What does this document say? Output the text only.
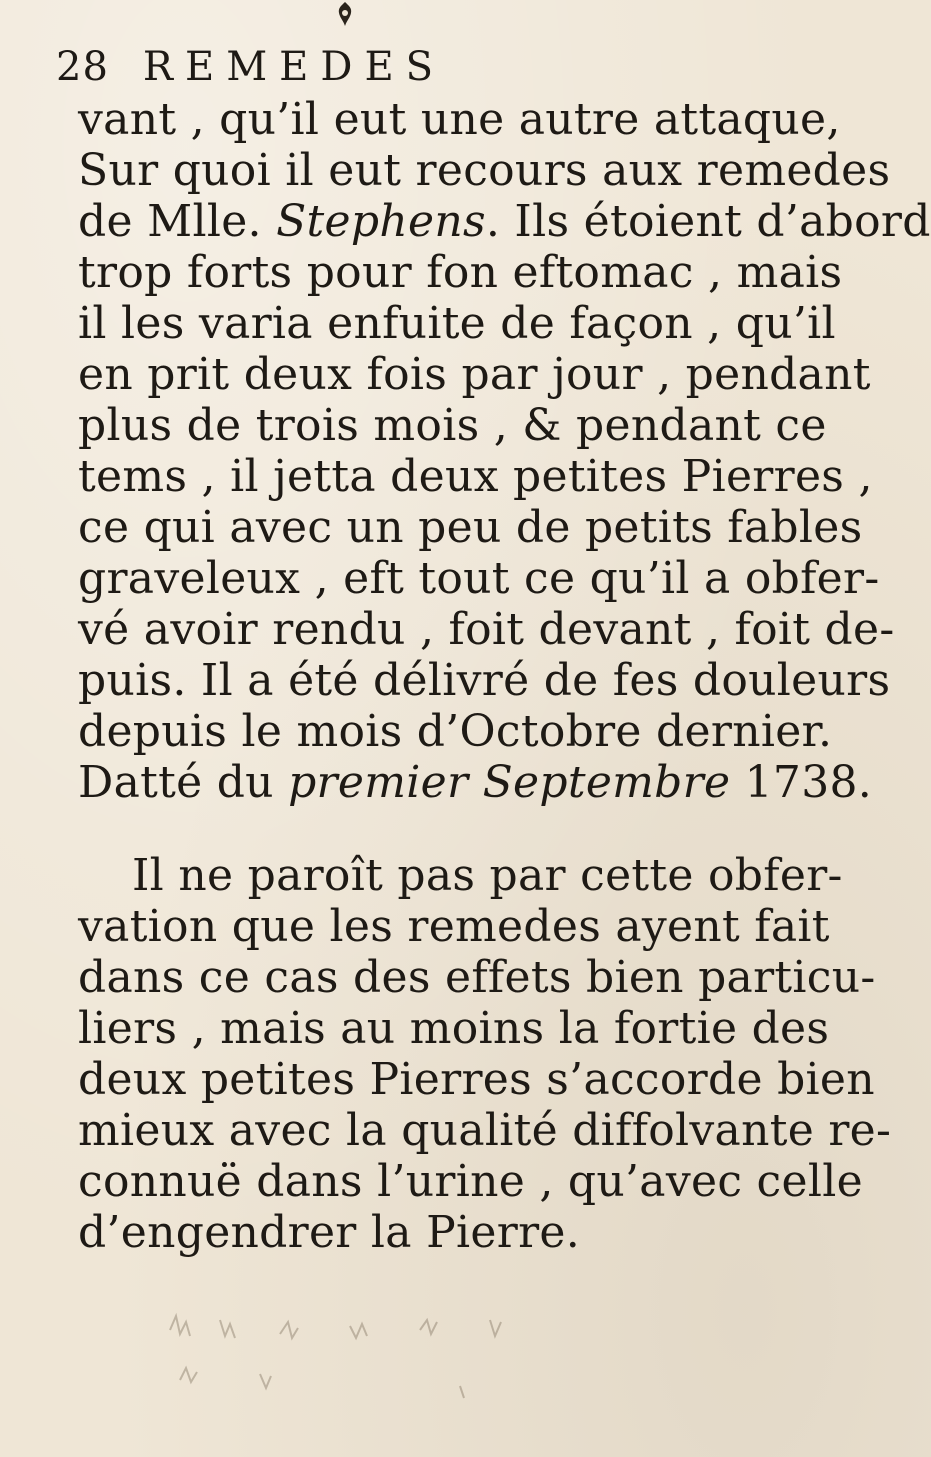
28 REMEDES
vant , qu’il eut une autre attaque,
Sur quoi il eut recours aux remedes
de Mlle. Stephens. Ils étoient d’abord
trop forts pour fon eftomac , mais
il les varia enfuite de façon , qu’il
en prit deux fois par jour , pendant
plus de trois mois , & pendant ce
tems , il jetta deux petites Pierres ,
ce qui avec un peu de petits fables
graveleux , eft tout ce qu’il a obfer-
vé avoir rendu , foit devant , foit de-
puis. Il a été délivré de fes douleurs
depuis le mois d’Octobre dernier.
Datté du premier Septembre 1738.
Il ne paroît pas par cette obfer-
vation que les remedes ayent fait
dans ce cas des effets bien particu-
liers , mais au moins la fortie des
deux petites Pierres s’accorde bien
mieux avec la qualité diffolvante re-
connuë dans l’urine , qu’avec celle
d’engendrer la Pierre.
